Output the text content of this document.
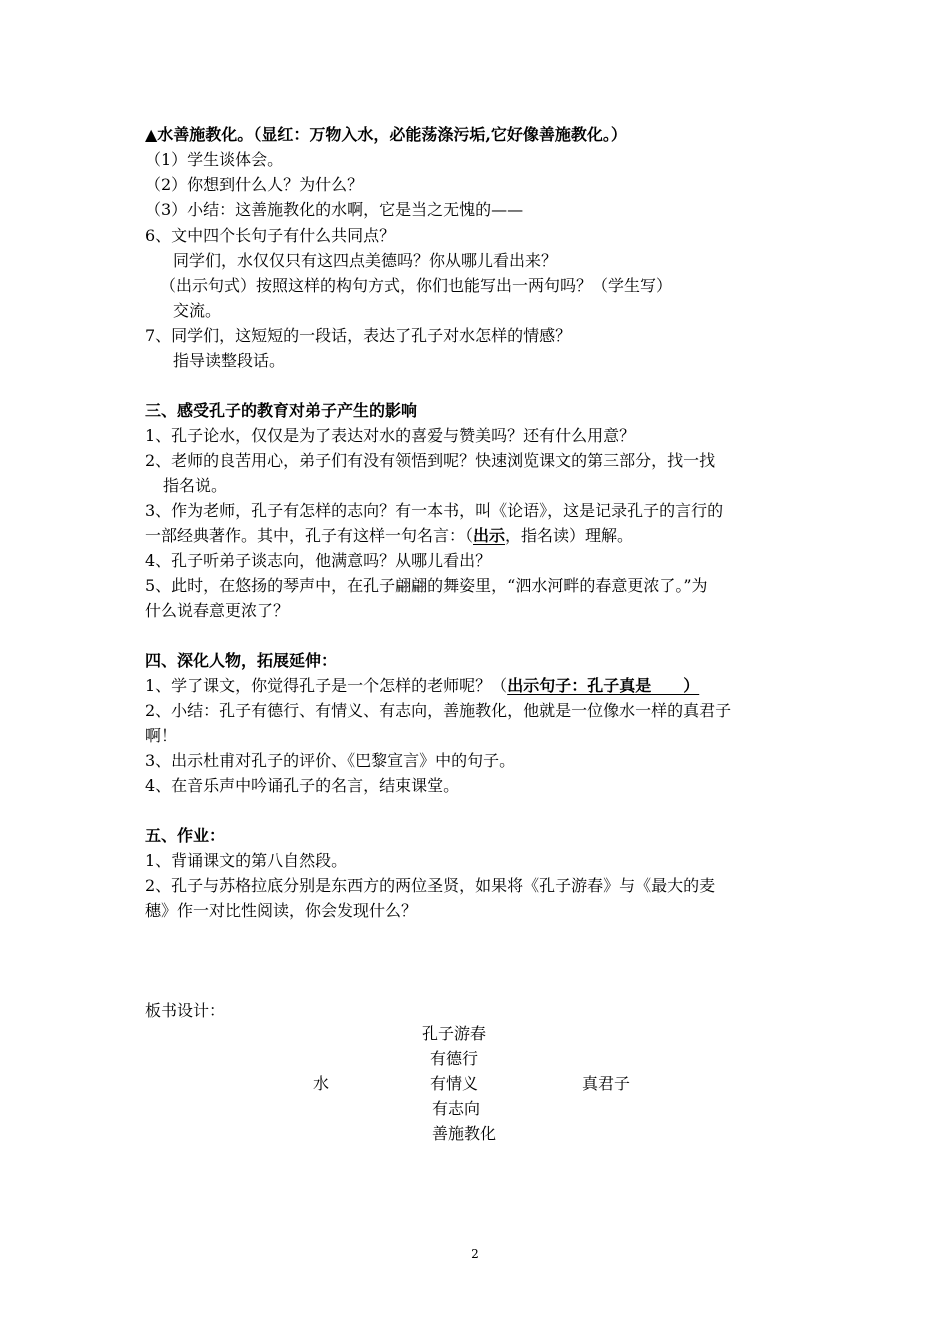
▲水善施教化。（显红：万物入水，必能荡涤污垢,它好像善施教化。）
（1）学生谈体会。
（2）你想到什么人？为什么？
（3）小结：这善施教化的水啊，它是当之无愧的——
6、文中四个长句子有什么共同点？
同学们，水仅仅只有这四点美德吗？你从哪儿看出来？
（出示句式）按照这样的构句方式，你们也能写出一两句吗？（学生写）
交流。
7、同学们，这短短的一段话，表达了孔子对水怎样的情感？
指导读整段话。
三、感受孔子的教育对弟子产生的影响
1、孔子论水，仅仅是为了表达对水的喜爱与赞美吗？还有什么用意？
2、老师的良苦用心，弟子们有没有领悟到呢？快速浏览课文的第三部分，找一找
指名说。
3、作为老师，孔子有怎样的志向？有一本书，叫《论语》，这是记录孔子的言行的
一部经典著作。其中，孔子有这样一句名言：（出示，指名读）理解。
4、孔子听弟子谈志向，他满意吗？从哪儿看出？
5、此时，在悠扬的琴声中，在孔子翩翩的舞姿里，“泗水河畔的春意更浓了。”为
什么说春意更浓了？
四、深化人物，拓展延伸：
1、学了课文，你觉得孔子是一个怎样的老师呢？（出示句子：孔子真是　　）
2、小结：孔子有德行、有情义、有志向，善施教化，他就是一位像水一样的真君子
啊！
3、出示杜甫对孔子的评价、《巴黎宣言》中的句子。
4、在音乐声中吟诵孔子的名言，结束课堂。
五、作业：
1、背诵课文的第八自然段。
2、孔子与苏格拉底分别是东西方的两位圣贤，如果将《孔子游春》与《最大的麦
穗》作一对比性阅读，你会发现什么？
板书设计：
孔子游春
有德行
水	有情义	真君子
有志向
善施教化
2
